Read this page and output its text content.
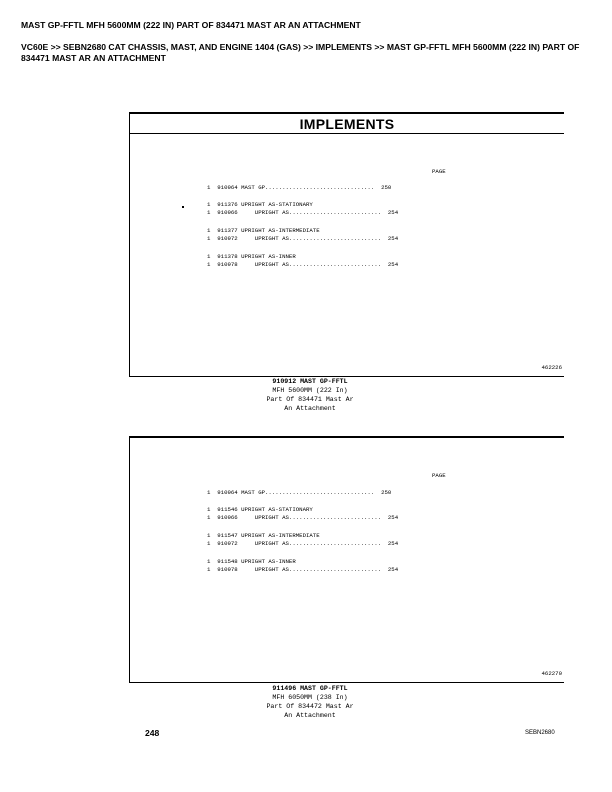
MAST GP-FFTL MFH 5600MM (222 IN) PART OF 834471 MAST AR AN ATTACHMENT
VC60E >> SEBN2680 CAT CHASSIS, MAST, AND ENGINE 1404 (GAS) >> IMPLEMENTS >> MAST GP-FFTL MFH 5600MM (222 IN) PART OF 834471 MAST AR AN ATTACHMENT
IMPLEMENTS
PAGE
1  910964 MAST GP................................  250
1  911376 UPRIGHT AS-STATIONARY
1  910966     UPRIGHT AS...........................  254
1  911377 UPRIGHT AS-INTERMEDIATE
1  910972     UPRIGHT AS...........................  254
1  911378 UPRIGHT AS-INNER
1  910978     UPRIGHT AS...........................  254
462226
910912 MAST GP-FFTL
MFH 5600MM (222 In)
Part Of 834471 Mast Ar
An Attachment
PAGE
1  910964 MAST GP................................  250
1  911546 UPRIGHT AS-STATIONARY
1  910966     UPRIGHT AS...........................  254
1  911547 UPRIGHT AS-INTERMEDIATE
1  910972     UPRIGHT AS...........................  254
1  911548 UPRIGHT AS-INNER
1  910978     UPRIGHT AS...........................  254
462270
911496 MAST GP-FFTL
MFH 6050MM (238 In)
Part Of 834472 Mast Ar
An Attachment
248	SEBN2680
